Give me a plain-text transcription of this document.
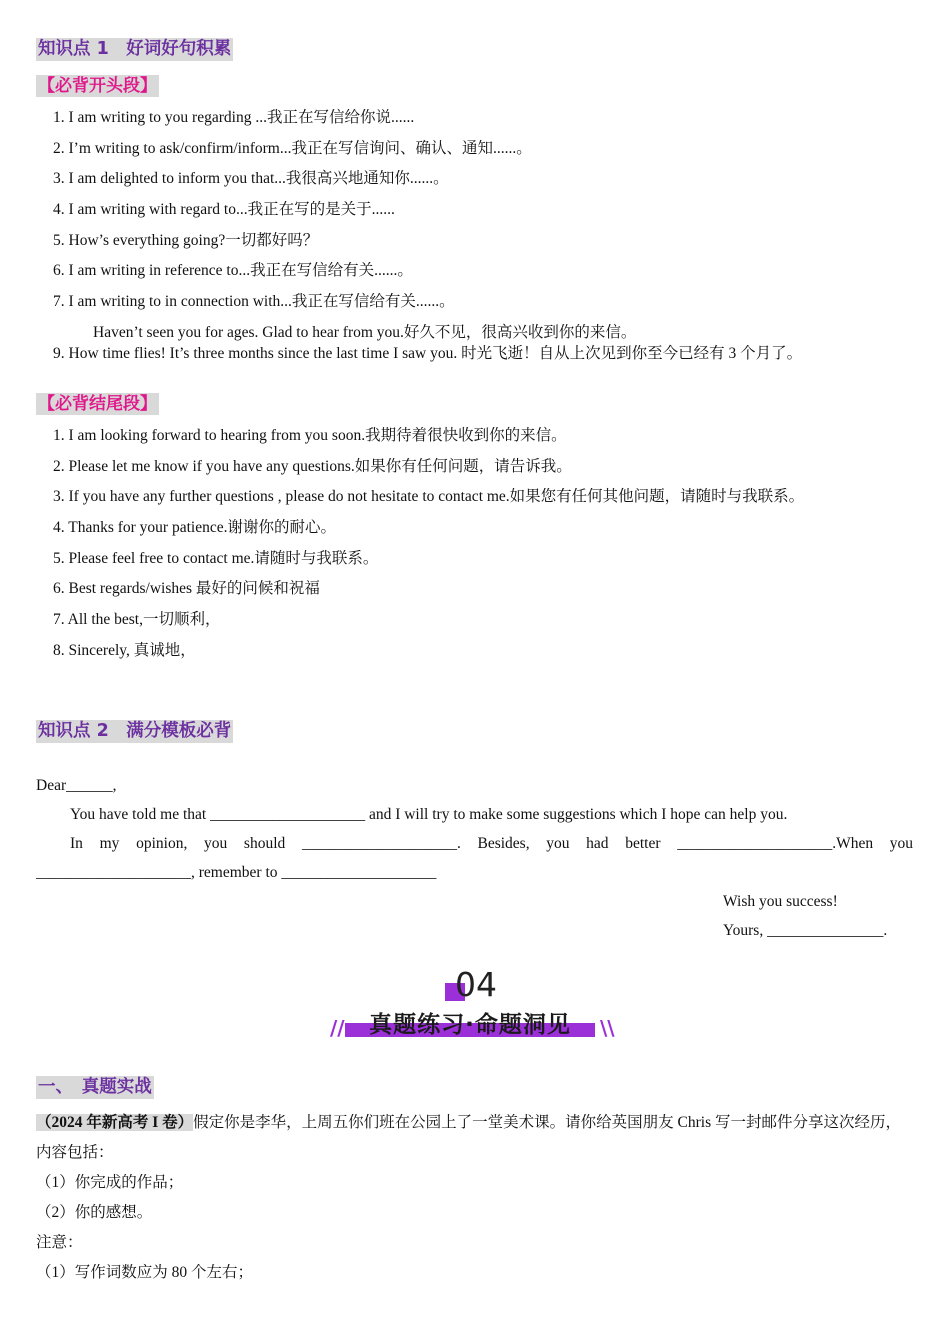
知识点 1　好词好句积累
【必背开头段】
1. I am writing to you regarding ...我正在写信给你说......
2. I’m writing to ask/confirm/inform...我正在写信询问、确认、通知......。
3. I am delighted to inform you that...我很高兴地通知你......。
4. I am writing with regard to...我正在写的是关于......
5. How’s everything going?一切都好吗？
6. I am writing in reference to...我正在写信给有关......。
7. I am writing to in connection with...我正在写信给有关......。
Haven’t seen you for ages. Glad to hear from you.好久不见，很高兴收到你的来信。
9. How time flies! It’s three months since the last time I saw you. 时光飞逝！自从上次见到你至今已经有 3 个月了。
【必背结尾段】
1. I am looking forward to hearing from you soon.我期待着很快收到你的来信。
2. Please let me know if you have any questions.如果你有任何问题，请告诉我。
3. If you have any further questions , please do not hesitate to contact me.如果您有任何其他问题，请随时与我联系。
4. Thanks for your patience.谢谢你的耐心。
5. Please feel free to contact me.请随时与我联系。
6. Best regards/wishes 最好的问候和祝福
7. All the best,一切顺利，
8. Sincerely, 真诚地，
知识点 2　满分模板必背
Dear______,
You have told me that ____________________ and I will try to make some suggestions which I hope can help you.
In my opinion, you should ____________________. Besides, you had better ____________________.When you
____________________, remember to ____________________
Wish you success!
Yours, _______________.
04
//	真题练习·命题洞见	\\
一、　真题实战
（2024 年新高考 I 卷）假定你是李华，上周五你们班在公园上了一堂美术课。请你给英国朋友 Chris 写一封邮件分享这次经历，内容包括：
（1）你完成的作品；
（2）你的感想。
注意：
（1）写作词数应为 80 个左右；
